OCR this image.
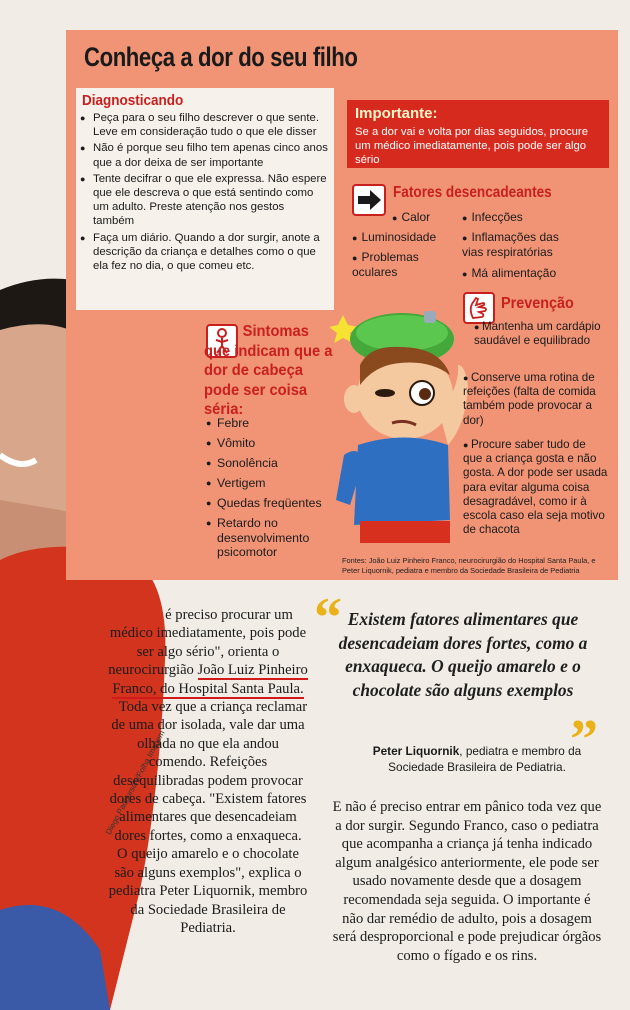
Conheça a dor do seu filho
Diagnosticando
● Peça para o seu filho descrever o que sente. Leve em consideração tudo o que ele disser
● Não é porque seu filho tem apenas cinco anos que a dor deixa de ser importante
● Tente decifrar o que ele expressa. Não espere que ele descreva o que está sentindo como um adulto. Preste atenção nos gestos também
● Faça um diário. Quando a dor surgir, anote a descrição da criança e detalhes como o que ela fez no dia, o que comeu etc.
Importante:

Se a dor vai e volta por dias seguidos, procure um médico imediatamente, pois pode ser algo sério

Fatores desencadeantes
● Calor	● Infecções
● Luminosidade	● Inflamações das vias respiratórias
● Problemas oculares	● Má alimentação
Prevenção
● Mantenha um cardápio saudável e equilibrado
● Conserve uma rotina de refeições (falta de comida também pode provocar a dor)
● Procure saber tudo de que a criança gosta e não gosta. A dor pode ser usada para evitar alguma coisa desagradável, como ir à escola caso ela seja motivo de chacota
Sintomas que indicam que a dor de cabeça pode ser coisa séria:
● Febre
● Vômito
● Sonolência
● Vertigem
● Quedas freqüentes
● Retardo no desenvolvimento psicomotor
Fontes: João Luiz Pinheiro Franco, neurocirurgião do Hospital Santa Paula, e Peter Liquornik, pediatra e membro da Sociedade Brasileira de Pediatria
Diego Padgurschi/Folha Imagem

é preciso procurar um médico imediatamente, pois pode ser algo sério", orienta o neurocirurgião João Luiz Pinheiro Franco, do Hospital Santa Paula.

Toda vez que a criança reclamar de uma dor isolada, vale dar uma olhada no que ela andou comendo. Refeições desequilibradas podem provocar dores de cabeça. "Existem fatores alimentares que desencadeiam dores fortes, como a enxaqueca. O queijo amarelo e o chocolate são alguns exemplos", explica o pediatra Peter Liquornik, membro da Sociedade Brasileira de Pediatria.

“ Existem fatores alimentares que desencadeiam dores fortes, como a enxaqueca. O queijo amarelo e o chocolate são alguns exemplos
”
Peter Liquornik, pediatra e membro da Sociedade Brasileira de Pediatria.
E não é preciso entrar em pânico toda vez que a dor surgir. Segundo Franco, caso o pediatra que acompanha a criança já tenha indicado algum analgésico anteriormente, ele pode ser usado novamente desde que a dosagem recomendada seja seguida. O importante é não dar remédio de adulto, pois a dosagem será desproporcional e pode prejudicar órgãos como o fígado e os rins.
